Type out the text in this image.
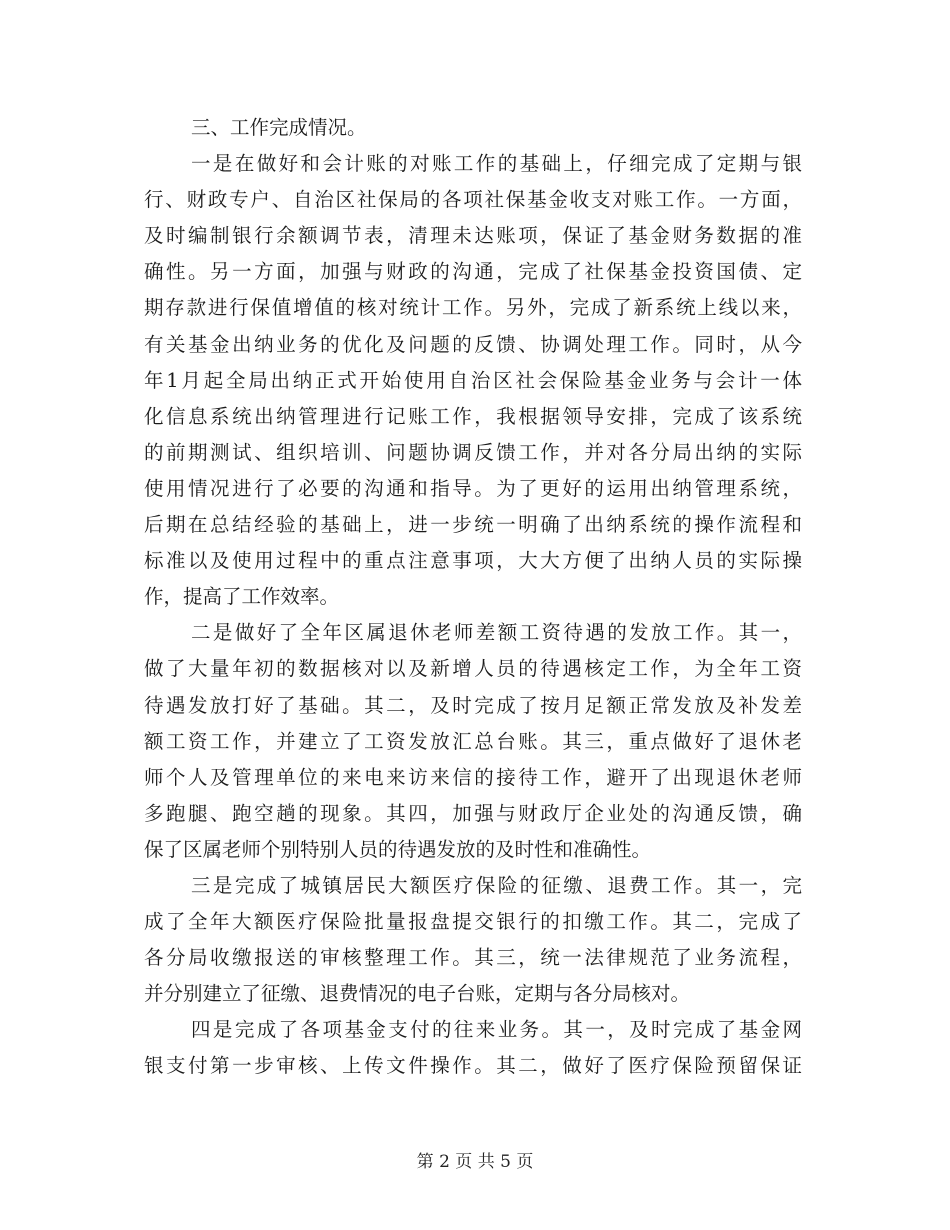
三、工作完成情况。
一是在做好和会计账的对账工作的基础上，仔细完成了定期与银
行、财政专户、自治区社保局的各项社保基金收支对账工作。一方面，
及时编制银行余额调节表，清理未达账项，保证了基金财务数据的准
确性。另一方面，加强与财政的沟通，完成了社保基金投资国债、定
期存款进行保值增值的核对统计工作。另外，完成了新系统上线以来，
有关基金出纳业务的优化及问题的反馈、协调处理工作。同时，从今
年1月起全局出纳正式开始使用自治区社会保险基金业务与会计一体
化信息系统出纳管理进行记账工作，我根据领导安排，完成了该系统
的前期测试、组织培训、问题协调反馈工作，并对各分局出纳的实际
使用情况进行了必要的沟通和指导。为了更好的运用出纳管理系统，
后期在总结经验的基础上，进一步统一明确了出纳系统的操作流程和
标准以及使用过程中的重点注意事项，大大方便了出纳人员的实际操
作，提高了工作效率。
二是做好了全年区属退休老师差额工资待遇的发放工作。其一，
做了大量年初的数据核对以及新增人员的待遇核定工作，为全年工资
待遇发放打好了基础。其二，及时完成了按月足额正常发放及补发差
额工资工作，并建立了工资发放汇总台账。其三，重点做好了退休老
师个人及管理单位的来电来访来信的接待工作，避开了出现退休老师
多跑腿、跑空趟的现象。其四，加强与财政厅企业处的沟通反馈，确
保了区属老师个别特别人员的待遇发放的及时性和准确性。
三是完成了城镇居民大额医疗保险的征缴、退费工作。其一，完
成了全年大额医疗保险批量报盘提交银行的扣缴工作。其二，完成了
各分局收缴报送的审核整理工作。其三，统一法律规范了业务流程，
并分别建立了征缴、退费情况的电子台账，定期与各分局核对。
四是完成了各项基金支付的往来业务。其一，及时完成了基金网
银支付第一步审核、上传文件操作。其二，做好了医疗保险预留保证
第 2 页 共 5 页
